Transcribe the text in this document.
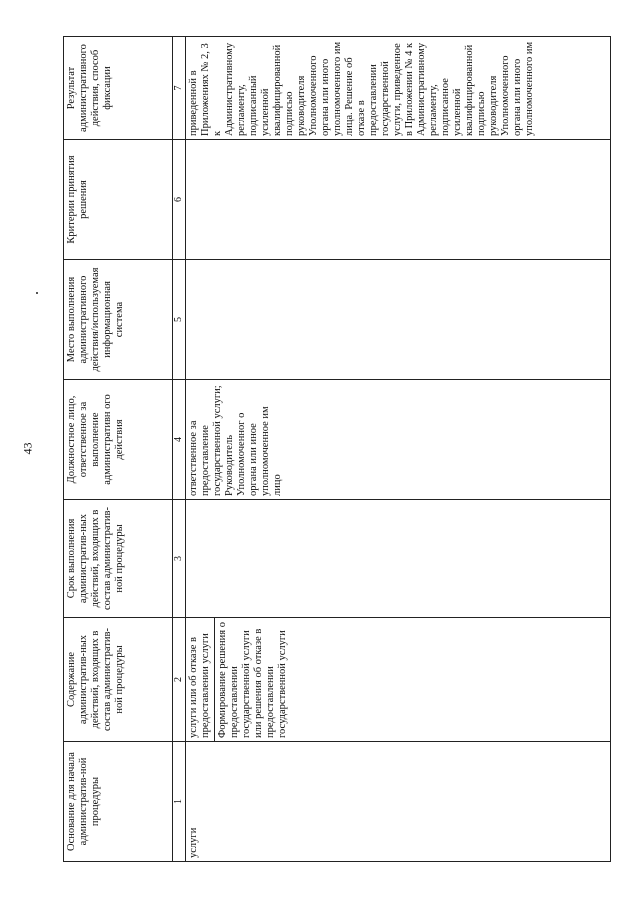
43
Основание для начала административ-ной процедуры	Содержание административ-ных действий, входящих в состав административ-ной процедуры	Срок выполнения административ-ных действий, входящих в состав административ-ной процедуры	Должностное лицо, ответственное за выполнение административн ого действия	Место выполнения административного действия/используемая информационная система	Критерии принятия решения	Результат административного действия, способ фиксации
1	2	3	4	5	6	7
услуги	услуги или об отказе в предоставлении услуги Формирование решения о предоставлении государственной услуги или решения об отказе в предоставлении государственной услуги		ответственное за предоставление государственной услуги; Руководитель Уполномоченног о органа или иное уполномоченное им лицо			приведенной в Приложениях № 2, 3 к Административному регламенту, подписанный усиленной квалифицированной подписью руководителя Уполномоченного органа или иного уполномоченного им лица. Решение об отказе в предоставлении государственной услуги, приведенное в Приложении № 4 к Административному регламенту, подписанное усиленной квалифицированной подписью руководителя Уполномоченного органа или иного уполномоченного им
